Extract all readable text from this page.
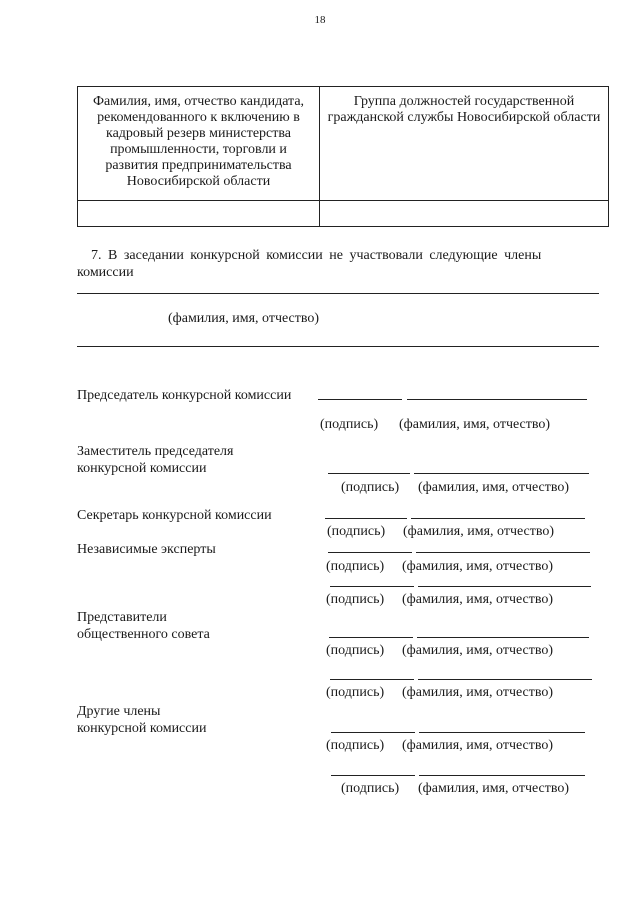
18
Фамилия, имя, отчество кандидата, рекомендованного к включению в кадровый резерв министерства промышленности, торговли и развития предпринимательства Новосибирской области
Группа должностей государственной гражданской службы Новосибирской области
7. В заседании конкурсной комиссии не участвовали следующие члены
комиссии
(фамилия, имя, отчество)
Председатель конкурсной комиссии
(подпись) (фамилия, имя, отчество)
Заместитель председателя
конкурсной комиссии
(подпись) (фамилия, имя, отчество)
Секретарь конкурсной комиссии
(подпись) (фамилия, имя, отчество)
Независимые эксперты
(подпись) (фамилия, имя, отчество)
(подпись) (фамилия, имя, отчество)
Представители
общественного совета
(подпись) (фамилия, имя, отчество)
(подпись) (фамилия, имя, отчество)
Другие члены
конкурсной комиссии
(подпись) (фамилия, имя, отчество)
(подпись) (фамилия, имя, отчество)
